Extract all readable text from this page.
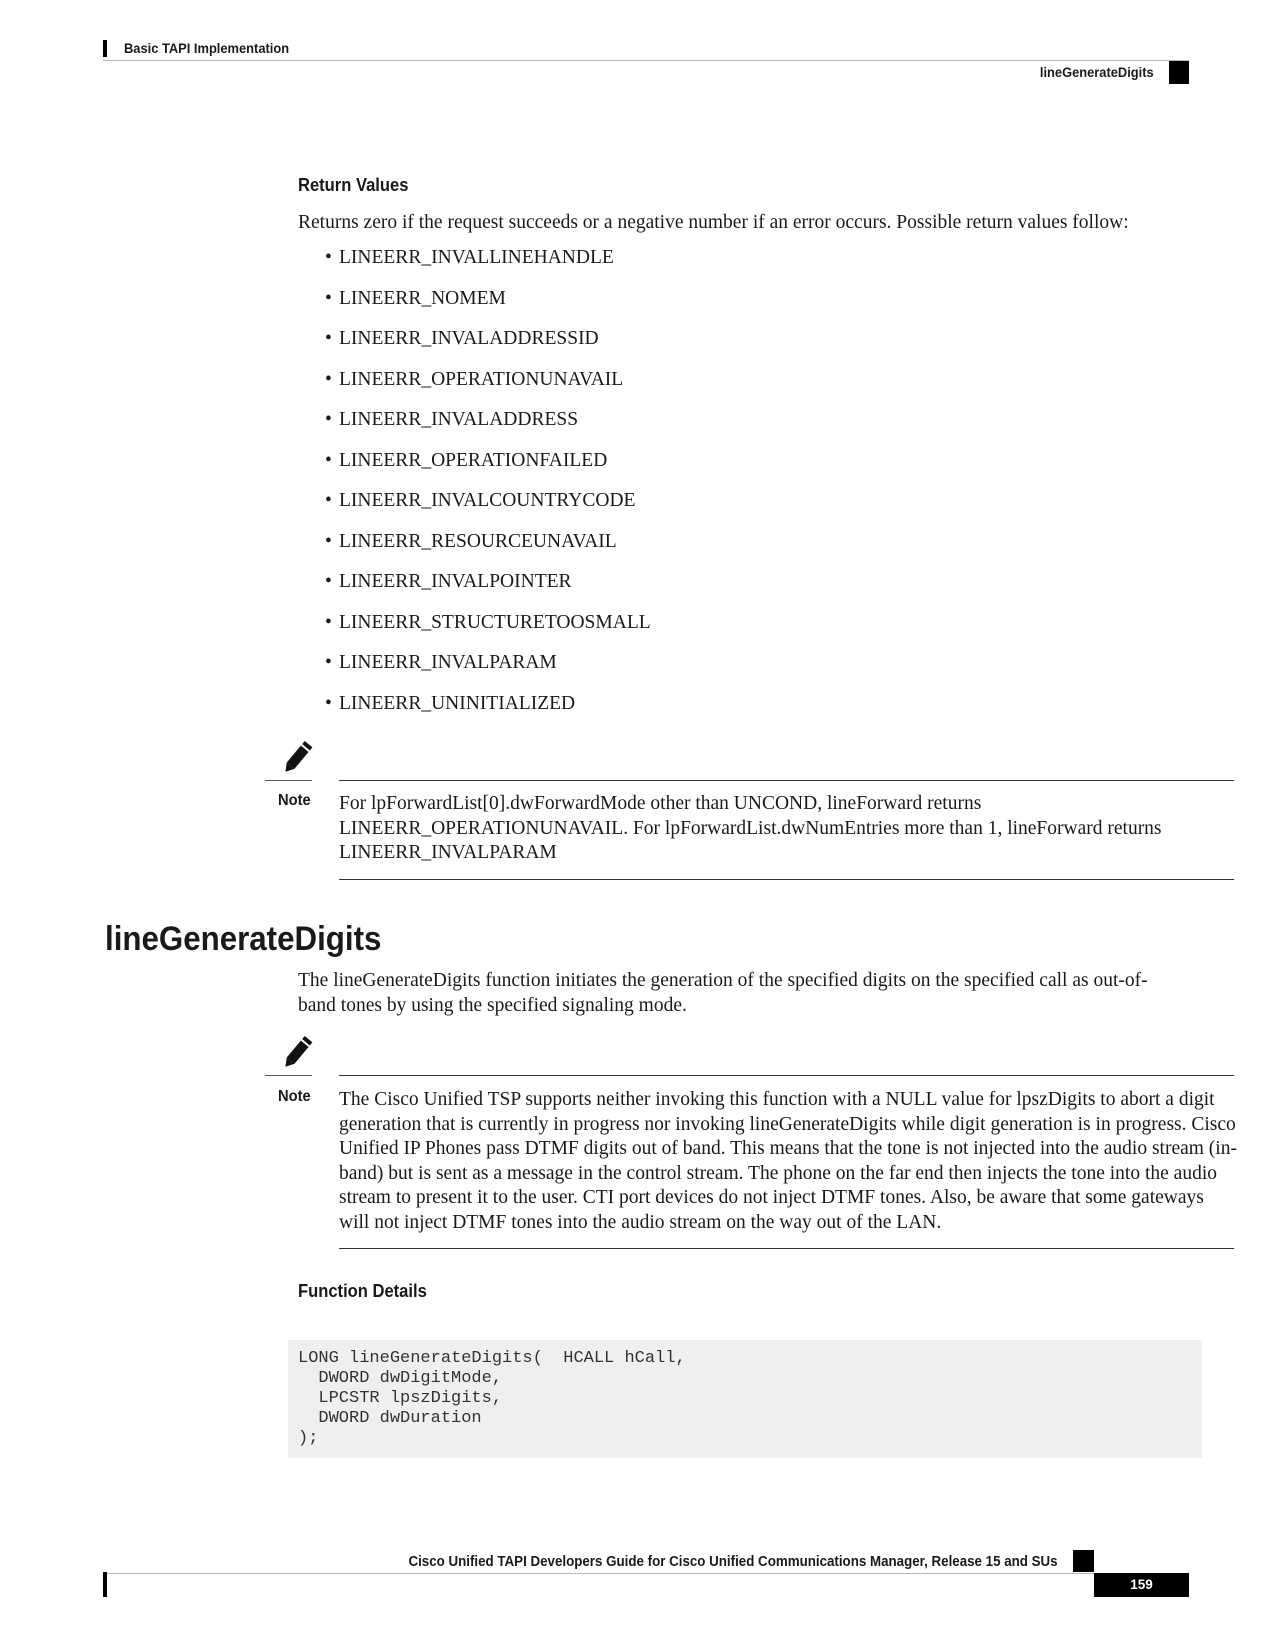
Basic TAPI Implementation
lineGenerateDigits
Return Values
Returns zero if the request succeeds or a negative number if an error occurs. Possible return values follow:
• LINEERR_INVALLINEHANDLE
• LINEERR_NOMEM
• LINEERR_INVALADDRESSID
• LINEERR_OPERATIONUNAVAIL
• LINEERR_INVALADDRESS
• LINEERR_OPERATIONFAILED
• LINEERR_INVALCOUNTRYCODE
• LINEERR_RESOURCEUNAVAIL
• LINEERR_INVALPOINTER
• LINEERR_STRUCTURETOOSMALL
• LINEERR_INVALPARAM
• LINEERR_UNINITIALIZED
Note For lpForwardList[0].dwForwardMode other than UNCOND, lineForward returns LINEERR_OPERATIONUNAVAIL. For lpForwardList.dwNumEntries more than 1, lineForward returns LINEERR_INVALPARAM
lineGenerateDigits
The lineGenerateDigits function initiates the generation of the specified digits on the specified call as out-of-band tones by using the specified signaling mode.
Note The Cisco Unified TSP supports neither invoking this function with a NULL value for lpszDigits to abort a digit generation that is currently in progress nor invoking lineGenerateDigits while digit generation is in progress. Cisco Unified IP Phones pass DTMF digits out of band. This means that the tone is not injected into the audio stream (in-band) but is sent as a message in the control stream. The phone on the far end then injects the tone into the audio stream to present it to the user. CTI port devices do not inject DTMF tones. Also, be aware that some gateways will not inject DTMF tones into the audio stream on the way out of the LAN.
Function Details
LONG lineGenerateDigits(  HCALL hCall,
DWORD dwDigitMode,
LPCSTR lpszDigits,
DWORD dwDuration
);
Cisco Unified TAPI Developers Guide for Cisco Unified Communications Manager, Release 15 and SUs
159
